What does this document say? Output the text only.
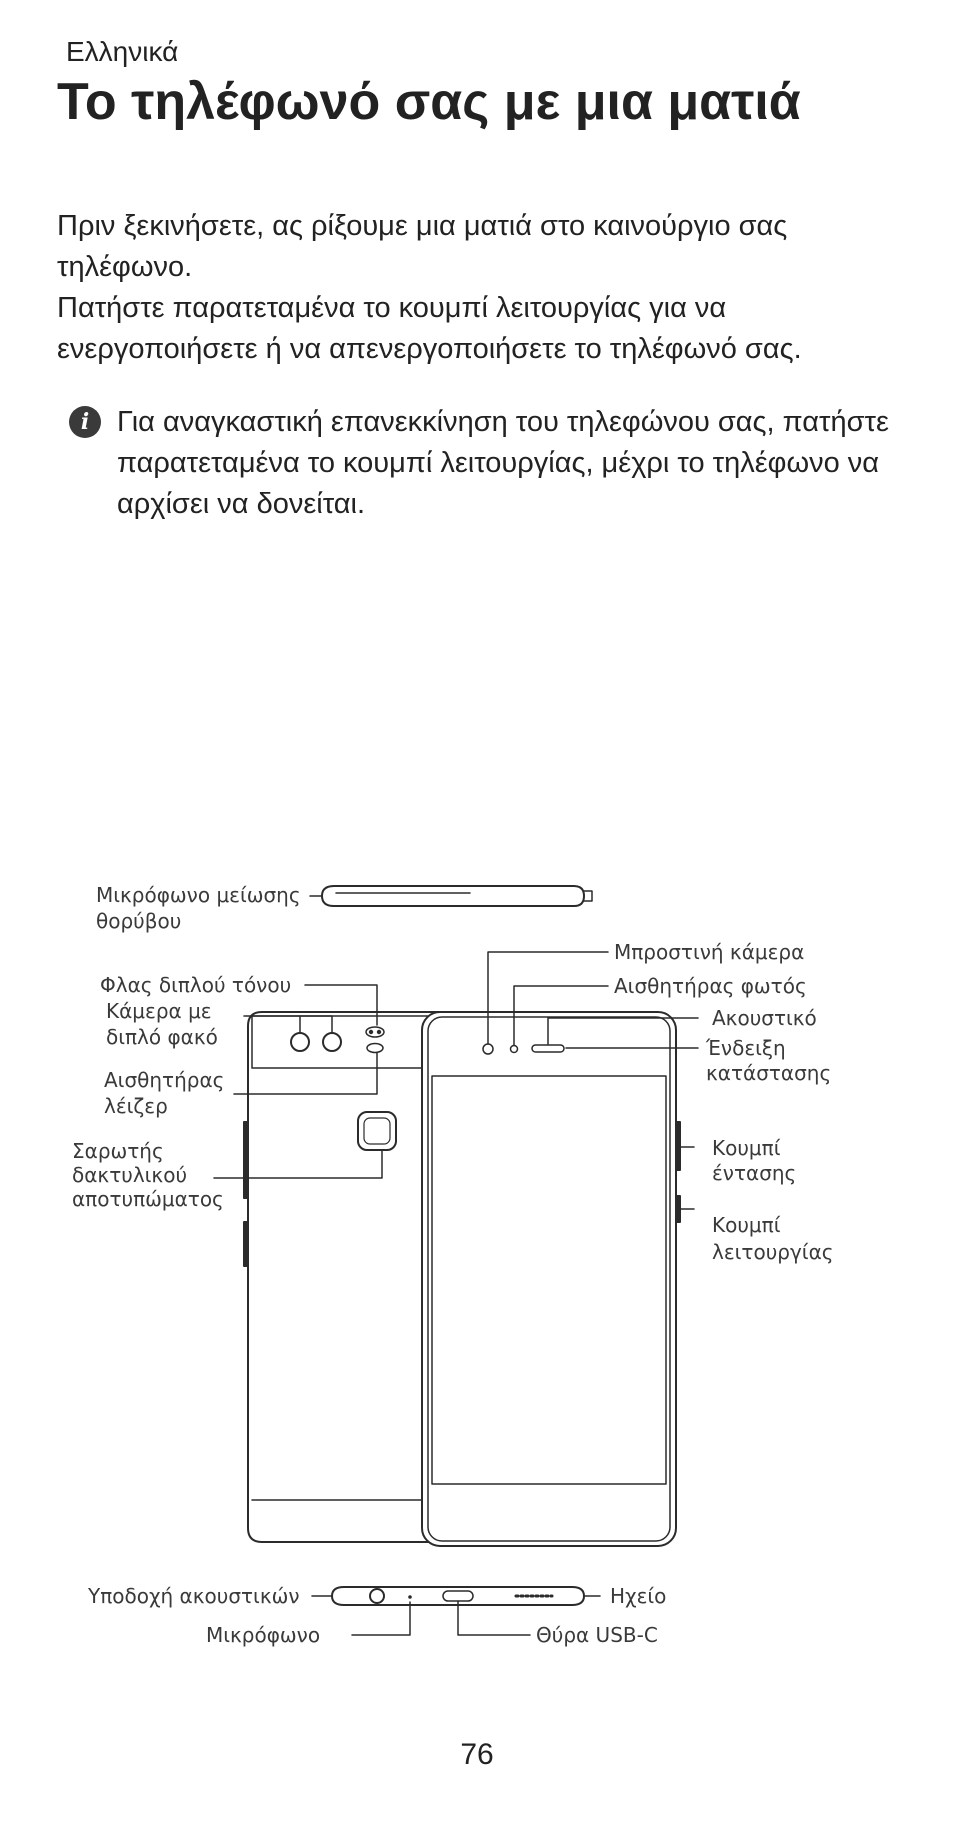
Ελληνικά
Το τηλέφωνό σας με μια ματιά

Πριν ξεκινήσετε, ας ρίξουμε μια ματιά στο καινούργιο σας τηλέφωνο.

Πατήστε παρατεταμένα το κουμπί λειτουργίας για να ενεργοποιήσετε ή να απενεργοποιήσετε το τηλέφωνό σας.

i Για αναγκαστική επανεκκίνηση του τηλεφώνου σας, πατήστε παρατεταμένα το κουμπί λειτουργίας, μέχρι το τηλέφωνο να αρχίσει να δονείται.
Μικρόφωνο μείωσης
θορύβου
Φλας διπλού τόνου
Κάμερα με
διπλό φακό
Αισθητήρας
λέιζερ
Σαρωτής
δακτυλικού
αποτυπώματος
Μπροστινή κάμερα
Αισθητήρας φωτός
Ακουστικό
Ένδειξη
κατάστασης
Κουμπί
έντασης
Κουμπί
λειτουργίας
Υποδοχή ακουστικών	Ηχείο
Μικρόφωνο	Θύρα USB-C
76
